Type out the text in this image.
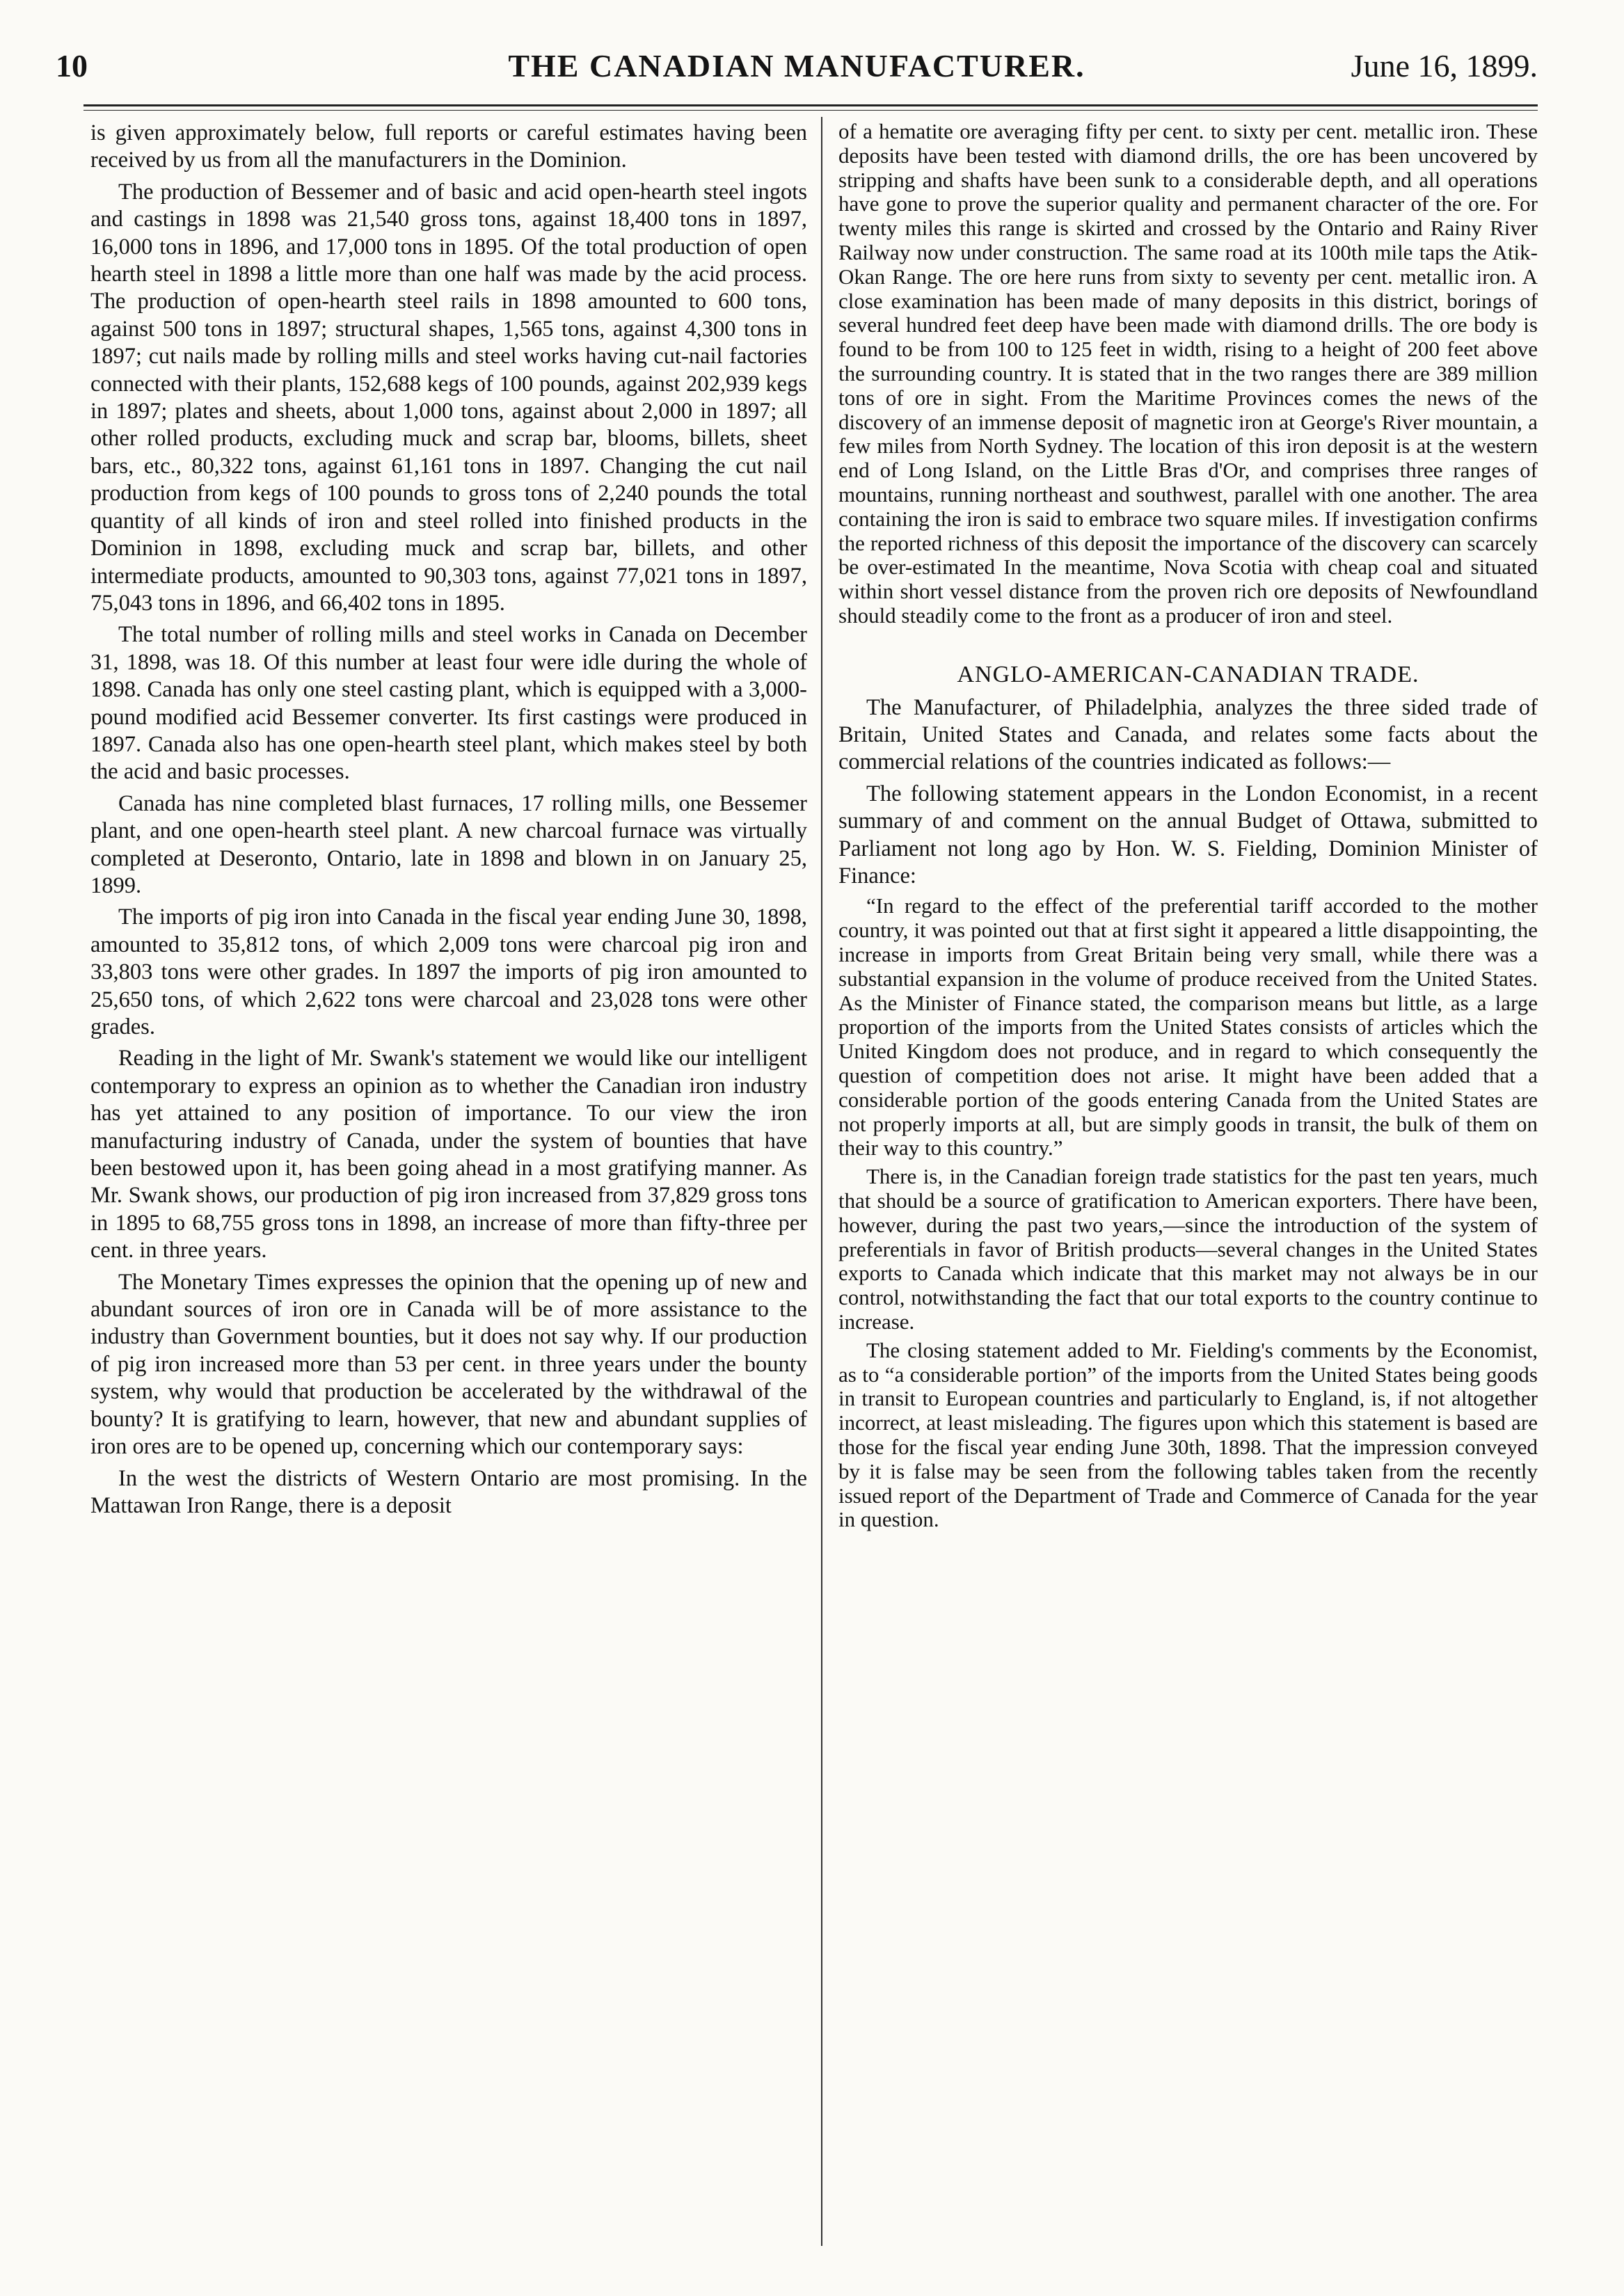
10	THE CANADIAN MANUFACTURER.	June 16, 1899.

is given approximately below, full reports or careful estimates having been received by us from all the manufacturers in the Dominion.

The production of Bessemer and of basic and acid open-hearth steel ingots and castings in 1898 was 21,540 gross tons, against 18,400 tons in 1897, 16,000 tons in 1896, and 17,000 tons in 1895. Of the total production of open hearth steel in 1898 a little more than one half was made by the acid process. The production of open-hearth steel rails in 1898 amounted to 600 tons, against 500 tons in 1897; structural shapes, 1,565 tons, against 4,300 tons in 1897; cut nails made by rolling mills and steel works having cut-nail factories connected with their plants, 152,688 kegs of 100 pounds, against 202,939 kegs in 1897; plates and sheets, about 1,000 tons, against about 2,000 in 1897; all other rolled products, excluding muck and scrap bar, blooms, billets, sheet bars, etc., 80,322 tons, against 61,161 tons in 1897. Changing the cut nail production from kegs of 100 pounds to gross tons of 2,240 pounds the total quantity of all kinds of iron and steel rolled into finished products in the Dominion in 1898, excluding muck and scrap bar, billets, and other intermediate products, amounted to 90,303 tons, against 77,021 tons in 1897, 75,043 tons in 1896, and 66,402 tons in 1895.

The total number of rolling mills and steel works in Canada on December 31, 1898, was 18. Of this number at least four were idle during the whole of 1898. Canada has only one steel casting plant, which is equipped with a 3,000-pound modified acid Bessemer converter. Its first castings were produced in 1897. Canada also has one open-hearth steel plant, which makes steel by both the acid and basic processes.

Canada has nine completed blast furnaces, 17 rolling mills, one Bessemer plant, and one open-hearth steel plant. A new charcoal furnace was virtually completed at Deseronto, Ontario, late in 1898 and blown in on January 25, 1899.

The imports of pig iron into Canada in the fiscal year ending June 30, 1898, amounted to 35,812 tons, of which 2,009 tons were charcoal pig iron and 33,803 tons were other grades. In 1897 the imports of pig iron amounted to 25,650 tons, of which 2,622 tons were charcoal and 23,028 tons were other grades.

Reading in the light of Mr. Swank's statement we would like our intelligent contemporary to express an opinion as to whether the Canadian iron industry has yet attained to any position of importance. To our view the iron manufacturing industry of Canada, under the system of bounties that have been bestowed upon it, has been going ahead in a most gratifying manner. As Mr. Swank shows, our production of pig iron increased from 37,829 gross tons in 1895 to 68,755 gross tons in 1898, an increase of more than fifty-three per cent. in three years.

The Monetary Times expresses the opinion that the opening up of new and abundant sources of iron ore in Canada will be of more assistance to the industry than Government bounties, but it does not say why. If our production of pig iron increased more than 53 per cent. in three years under the bounty system, why would that production be accelerated by the withdrawal of the bounty? It is gratifying to learn, however, that new and abundant supplies of iron ores are to be opened up, concerning which our contemporary says:

In the west the districts of Western Ontario are most promising. In the Mattawan Iron Range, there is a deposit

of a hematite ore averaging fifty per cent. to sixty per cent. metallic iron. These deposits have been tested with diamond drills, the ore has been uncovered by stripping and shafts have been sunk to a considerable depth, and all operations have gone to prove the superior quality and permanent character of the ore. For twenty miles this range is skirted and crossed by the Ontario and Rainy River Railway now under construction. The same road at its 100th mile taps the Atik-Okan Range. The ore here runs from sixty to seventy per cent. metallic iron. A close examination has been made of many deposits in this district, borings of several hundred feet deep have been made with diamond drills. The ore body is found to be from 100 to 125 feet in width, rising to a height of 200 feet above the surrounding country. It is stated that in the two ranges there are 389 million tons of ore in sight. From the Maritime Provinces comes the news of the discovery of an immense deposit of magnetic iron at George's River mountain, a few miles from North Sydney. The location of this iron deposit is at the western end of Long Island, on the Little Bras d'Or, and comprises three ranges of mountains, running northeast and southwest, parallel with one another. The area containing the iron is said to embrace two square miles. If investigation confirms the reported richness of this deposit the importance of the discovery can scarcely be over-estimated In the meantime, Nova Scotia with cheap coal and situated within short vessel distance from the proven rich ore deposits of Newfoundland should steadily come to the front as a producer of iron and steel.

ANGLO-AMERICAN-CANADIAN TRADE.

The Manufacturer, of Philadelphia, analyzes the three sided trade of Britain, United States and Canada, and relates some facts about the commercial relations of the countries indicated as follows:—

The following statement appears in the London Economist, in a recent summary of and comment on the annual Budget of Ottawa, submitted to Parliament not long ago by Hon. W. S. Fielding, Dominion Minister of Finance:

“In regard to the effect of the preferential tariff accorded to the mother country, it was pointed out that at first sight it appeared a little disappointing, the increase in imports from Great Britain being very small, while there was a substantial expansion in the volume of produce received from the United States. As the Minister of Finance stated, the comparison means but little, as a large proportion of the imports from the United States consists of articles which the United Kingdom does not produce, and in regard to which consequently the question of competition does not arise. It might have been added that a considerable portion of the goods entering Canada from the United States are not properly imports at all, but are simply goods in transit, the bulk of them on their way to this country.”

There is, in the Canadian foreign trade statistics for the past ten years, much that should be a source of gratification to American exporters. There have been, however, during the past two years,—since the introduction of the system of preferentials in favor of British products—several changes in the United States exports to Canada which indicate that this market may not always be in our control, notwithstanding the fact that our total exports to the country continue to increase.

The closing statement added to Mr. Fielding's comments by the Economist, as to “a considerable portion” of the imports from the United States being goods in transit to European countries and particularly to England, is, if not altogether incorrect, at least misleading. The figures upon which this statement is based are those for the fiscal year ending June 30th, 1898. That the impression conveyed by it is false may be seen from the following tables taken from the recently issued report of the Department of Trade and Commerce of Canada for the year in question.
